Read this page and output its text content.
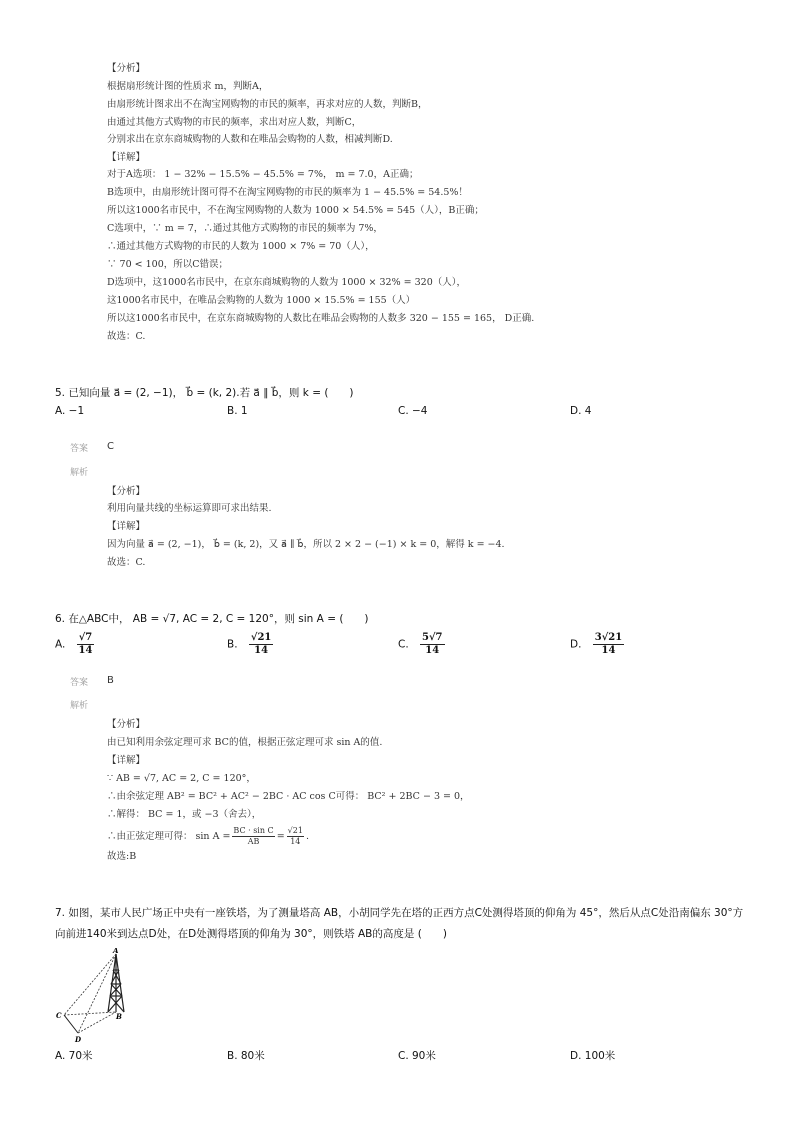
【分析】
根据扇形统计图的性质求 m，判断A，
由扇形统计图求出不在淘宝网购物的市民的频率，再求对应的人数，判断B，
由通过其他方式购物的市民的频率，求出对应人数，判断C，
分别求出在京东商城购物的人数和在唯品会购物的人数，相减判断D.
【详解】
对于A选项： 1 − 32% − 15.5% − 45.5% = 7%， m = 7.0，A正确；
B选项中，由扇形统计图可得不在淘宝网购物的市民的频率为 1 − 45.5% = 54.5%！
所以这1000名市民中，不在淘宝网购物的人数为 1000 × 54.5% = 545（人），B正确；
C选项中，∵ m = 7，∴通过其他方式购物的市民的频率为 7%，
∴通过其他方式购物的市民的人数为 1000 × 7% = 70（人），
∵ 70 < 100，所以C错误；
D选项中，这1000名市民中，在京东商城购物的人数为 1000 × 32% = 320（人），
这1000名市民中，在唯品会购物的人数为 1000 × 15.5% = 155（人）
所以这1000名市民中，在京东商城购物的人数比在唯品会购物的人数多 320 − 155 = 165， D正确.
故选：C.
5. 已知向量 a⃗ = (2, −1)， b⃗ = (k, 2).若 a⃗ ∥ b⃗，则 k = (　　)
A. −1	B. 1	C. −4	D. 4
答案 C
解析
【分析】
利用向量共线的坐标运算即可求出结果.
【详解】
因为向量 a⃗ = (2, −1)， b⃗ = (k, 2)，又 a⃗ ∥ b⃗，所以 2 × 2 − (−1) × k = 0，解得 k = −4.
故选：C.
6. 在△ABC中， AB = √7, AC = 2, C = 120°，则 sin A = (　　)
A. $\frac{√7}{14}$	B. $\frac{√21}{14}$	C. $\frac{5√7}{14}$	D. $\frac{3√21}{14}$
答案 B
解析
【分析】
由已知利用余弦定理可求 BC的值，根据正弦定理可求 sin A的值.
【详解】
∵ AB = √7, AC = 2, C = 120°，
∴由余弦定理 AB² = BC² + AC² − 2BC · AC cos C可得： BC² + 2BC − 3 = 0，
∴解得： BC = 1，或 −3（舍去），
∴由正弦定理可得： $\sin A = \frac{\text{BC · sin C}}{AB} = \frac{√21}{14}$ .
故选:B
7. 如图，某市人民广场正中央有一座铁塔，为了测量塔高 AB，小胡同学先在塔的正西方点C处测得塔顶的仰角为 45°，然后从点C处沿南偏东 30°方
向前进140米到达点D处，在D处测得塔顶的仰角为 30°，则铁塔 AB的高度是 (　　)
A
B
C
D
A. 70米	B. 80米	C. 90米	D. 100米
